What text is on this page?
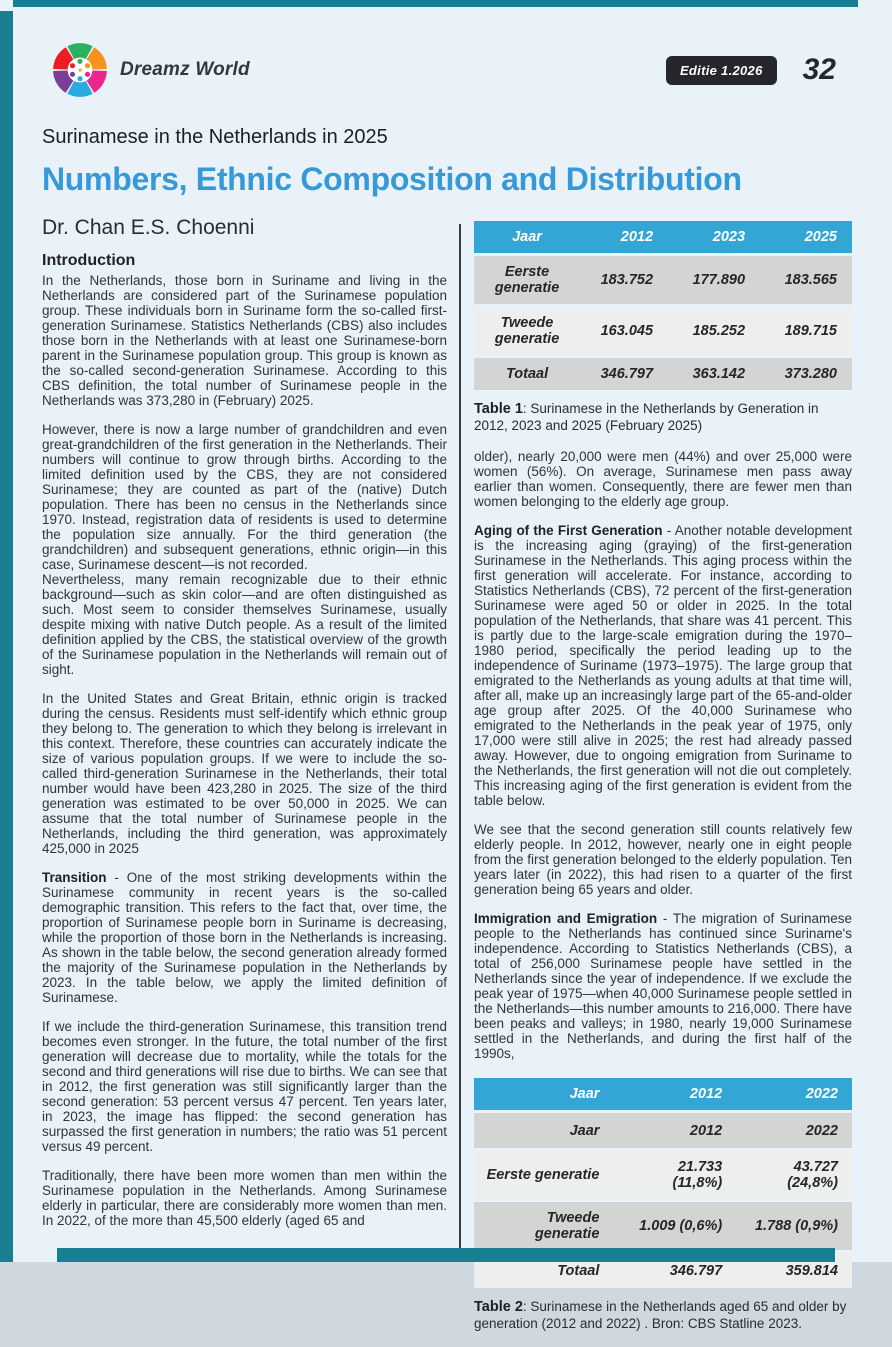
★ Dreamz World	Editie 1.2026	32
Surinamese in the Netherlands in 2025
Numbers, Ethnic Composition and Distribution
Dr. Chan E.S. Choenni
Introduction

In the Netherlands, those born in Suriname and living in the Netherlands are considered part of the Surinamese population group. These individuals born in Suriname form the so-called first-generation Surinamese. Statistics Netherlands (CBS) also includes those born in the Netherlands with at least one Surinamese-born parent in the Surinamese population group. This group is known as the so-called second-generation Surinamese. According to this CBS definition, the total number of Surinamese people in the Netherlands was 373,280 in (February) 2025.

However, there is now a large number of grandchildren and even great-grandchildren of the first generation in the Netherlands. Their numbers will continue to grow through births. According to the limited definition used by the CBS, they are not considered Surinamese; they are counted as part of the (native) Dutch population. There has been no census in the Netherlands since 1970. Instead, registration data of residents is used to determine the population size annually. For the third generation (the grandchildren) and subsequent generations, ethnic origin—in this case, Surinamese descent—is not recorded.

Nevertheless, many remain recognizable due to their ethnic background—such as skin color—and are often distinguished as such. Most seem to consider themselves Surinamese, usually despite mixing with native Dutch people. As a result of the limited definition applied by the CBS, the statistical overview of the growth of the Surinamese population in the Netherlands will remain out of sight.

In the United States and Great Britain, ethnic origin is tracked during the census. Residents must self-identify which ethnic group they belong to. The generation to which they belong is irrelevant in this context. Therefore, these countries can accurately indicate the size of various population groups. If we were to include the so-called third-generation Surinamese in the Netherlands, their total number would have been 423,280 in 2025. The size of the third generation was estimated to be over 50,000 in 2025. We can assume that the total number of Surinamese people in the Netherlands, including the third generation, was approximately 425,000 in 2025

Transition - One of the most striking developments within the Surinamese community in recent years is the so-called demographic transition. This refers to the fact that, over time, the proportion of Surinamese people born in Suriname is decreasing, while the proportion of those born in the Netherlands is increasing. As shown in the table below, the second generation already formed the majority of the Surinamese population in the Netherlands by 2023. In the table below, we apply the limited definition of Surinamese.

If we include the third-generation Surinamese, this transition trend becomes even stronger. In the future, the total number of the first generation will decrease due to mortality, while the totals for the second and third generations will rise due to births. We can see that in 2012, the first generation was still significantly larger than the second generation: 53 percent versus 47 percent. Ten years later, in 2023, the image has flipped: the second generation has surpassed the first generation in numbers; the ratio was 51 percent versus 49 percent.

Traditionally, there have been more women than men within the Surinamese population in the Netherlands. Among Surinamese elderly in particular, there are considerably more women than men. In 2022, of the more than 45,500 elderly (aged 65 and

Jaar	2012	2023	2025
Eerste generatie	183.752	177.890	183.565
Tweede generatie	163.045	185.252	189.715
Totaal	346.797	363.142	373.280

Table 1: Surinamese in the Netherlands by Generation in 2012, 2023 and 2025 (February 2025)

older), nearly 20,000 were men (44%) and over 25,000 were women (56%). On average, Surinamese men pass away earlier than women. Consequently, there are fewer men than women belonging to the elderly age group.

Aging of the First Generation - Another notable development is the increasing aging (graying) of the first-generation Surinamese in the Netherlands. This aging process within the first generation will accelerate. For instance, according to Statistics Netherlands (CBS), 72 percent of the first-generation Surinamese were aged 50 or older in 2025. In the total population of the Netherlands, that share was 41 percent. This is partly due to the large-scale emigration during the 1970–1980 period, specifically the period leading up to the independence of Suriname (1973–1975). The large group that emigrated to the Netherlands as young adults at that time will, after all, make up an increasingly large part of the 65-and-older age group after 2025. Of the 40,000 Surinamese who emigrated to the Netherlands in the peak year of 1975, only 17,000 were still alive in 2025; the rest had already passed away. However, due to ongoing emigration from Suriname to the Netherlands, the first generation will not die out completely. This increasing aging of the first generation is evident from the table below.

We see that the second generation still counts relatively few elderly people. In 2012, however, nearly one in eight people from the first generation belonged to the elderly population. Ten years later (in 2022), this had risen to a quarter of the first generation being 65 years and older.

Immigration and Emigration - The migration of Surinamese people to the Netherlands has continued since Suriname's independence. According to Statistics Netherlands (CBS), a total of 256,000 Surinamese people have settled in the Netherlands since the year of independence. If we exclude the peak year of 1975—when 40,000 Surinamese people settled in the Netherlands—this number amounts to 216,000. There have been peaks and valleys; in 1980, nearly 19,000 Surinamese settled in the Netherlands, and during the first half of the 1990s,

Jaar	2012	2022
Jaar	2012	2022
Eerste generatie	21.733 (11,8%)	43.727 (24,8%)
Tweede generatie	1.009 (0,6%)	1.788 (0,9%)
Totaal	346.797	359.814

Table 2: Surinamese in the Netherlands aged 65 and older by generation (2012 and 2022) . Bron: CBS Statline 2023.
